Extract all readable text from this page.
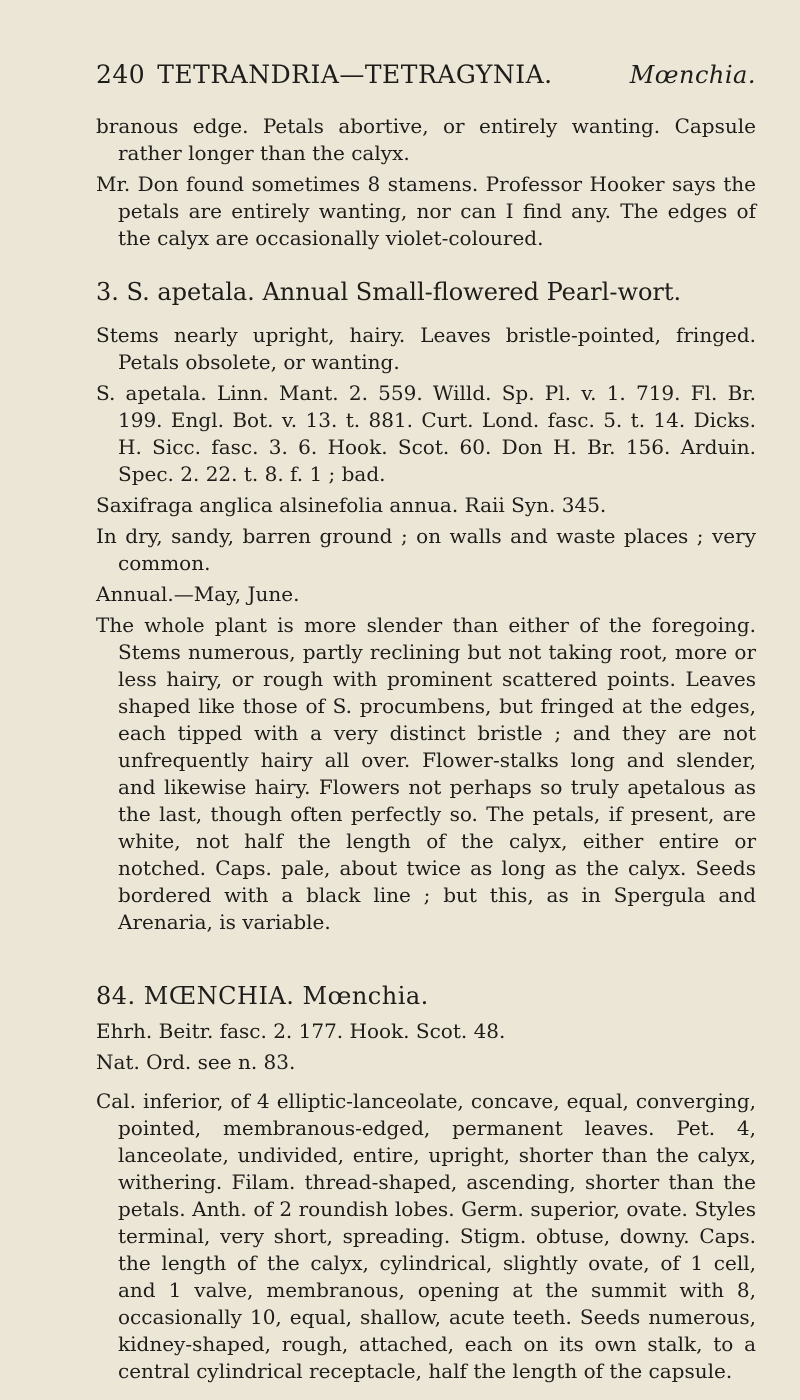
240 TETRANDRIA—TETRAGYNIA.	Mœnchia.

branous edge. Petals abortive, or entirely wanting. Capsule rather longer than the calyx.

Mr. Don found sometimes 8 stamens. Professor Hooker says the petals are entirely wanting, nor can I find any. The edges of the calyx are occasionally violet-coloured.

3. S. apetala. Annual Small-flowered Pearl-wort.

Stems nearly upright, hairy. Leaves bristle-pointed, fringed. Petals obsolete, or wanting.

S. apetala. Linn. Mant. 2. 559. Willd. Sp. Pl. v. 1. 719. Fl. Br. 199. Engl. Bot. v. 13. t. 881. Curt. Lond. fasc. 5. t. 14. Dicks. H. Sicc. fasc. 3. 6. Hook. Scot. 60. Don H. Br. 156. Arduin. Spec. 2. 22. t. 8. f. 1 ; bad.

Saxifraga anglica alsinefolia annua. Raii Syn. 345.

In dry, sandy, barren ground ; on walls and waste places ; very common.

Annual.—May, June.

The whole plant is more slender than either of the foregoing. Stems numerous, partly reclining but not taking root, more or less hairy, or rough with prominent scattered points. Leaves shaped like those of S. procumbens, but fringed at the edges, each tipped with a very distinct bristle ; and they are not unfrequently hairy all over. Flower-stalks long and slender, and likewise hairy. Flowers not perhaps so truly apetalous as the last, though often perfectly so. The petals, if present, are white, not half the length of the calyx, either entire or notched. Caps. pale, about twice as long as the calyx. Seeds bordered with a black line ; but this, as in Spergula and Arenaria, is variable.

84. MŒNCHIA. Mœnchia.

Ehrh. Beitr. fasc. 2. 177. Hook. Scot. 48.

Nat. Ord. see n. 83.

Cal. inferior, of 4 elliptic-lanceolate, concave, equal, converging, pointed, membranous-edged, permanent leaves. Pet. 4, lanceolate, undivided, entire, upright, shorter than the calyx, withering. Filam. thread-shaped, ascending, shorter than the petals. Anth. of 2 roundish lobes. Germ. superior, ovate. Styles terminal, very short, spreading. Stigm. obtuse, downy. Caps. the length of the calyx, cylindrical, slightly ovate, of 1 cell, and 1 valve, membranous, opening at the summit with 8, occasionally 10, equal, shallow, acute teeth. Seeds numerous, kidney-shaped, rough, attached, each on its own stalk, to a central cylindrical receptacle, half the length of the capsule.
